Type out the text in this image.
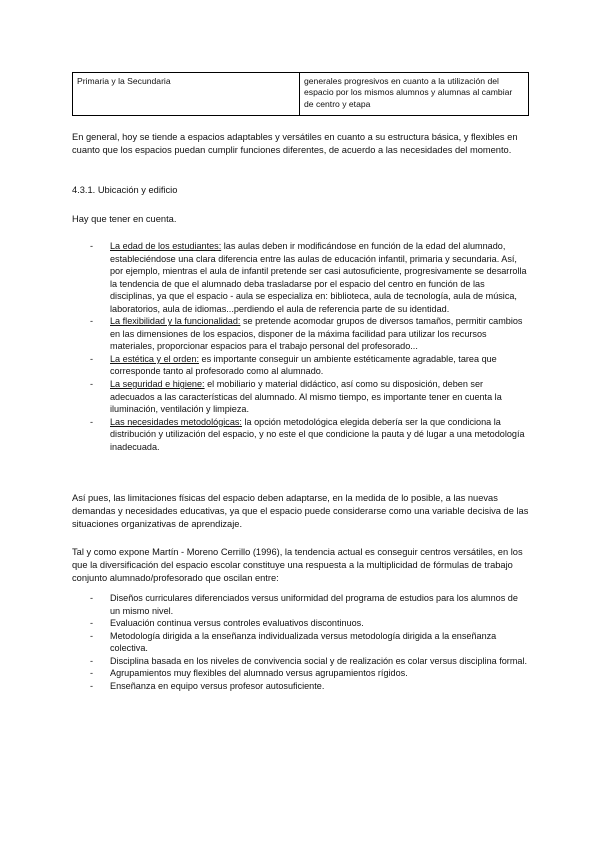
Primaria y la Secundaria	generales progresivos en cuanto a la utilización del espacio por los mismos alumnos y alumnas al cambiar de centro y etapa

En general, hoy se tiende a espacios adaptables y versátiles en cuanto a su estructura básica, y flexibles en cuanto que los espacios puedan cumplir funciones diferentes, de acuerdo a las necesidades del momento.

4.3.1. Ubicación y edificio

Hay que tener en cuenta.

- La edad de los estudiantes: las aulas deben ir modificándose en función de la edad del alumnado, estableciéndose una clara diferencia entre las aulas de educación infantil, primaria y secundaria. Así, por ejemplo, mientras el aula de infantil pretende ser casi autosuficiente, progresivamente se desarrolla la tendencia de que el alumnado deba trasladarse por el espacio del centro en función de las disciplinas, ya que el espacio - aula se especializa en: biblioteca, aula de tecnología, aula de música, laboratorios, aula de idiomas...perdiendo el aula de referencia parte de su identidad.
- La flexibilidad y la funcionalidad: se pretende acomodar grupos de diversos tamaños, permitir cambios en las dimensiones de los espacios, disponer de la máxima facilidad para utilizar los recursos materiales, proporcionar espacios para el trabajo personal del profesorado...
- La estética y el orden: es importante conseguir un ambiente estéticamente agradable, tarea que corresponde tanto al profesorado como al alumnado.
- La seguridad e higiene: el mobiliario y material didáctico, así como su disposición, deben ser adecuados a las características del alumnado. Al mismo tiempo, es importante tener en cuenta la iluminación, ventilación y limpieza.
- Las necesidades metodológicas: la opción metodológica elegida debería ser la que condiciona la distribución y utilización del espacio, y no este el que condicione la pauta y dé lugar a una metodología inadecuada.

Así pues, las limitaciones físicas del espacio deben adaptarse, en la medida de lo posible, a las nuevas demandas y necesidades educativas, ya que el espacio puede considerarse como una variable decisiva de las situaciones organizativas de aprendizaje.

Tal y como expone Martín - Moreno Cerrillo (1996), la tendencia actual es conseguir centros versátiles, en los que la diversificación del espacio escolar constituye una respuesta a la multiplicidad de fórmulas de trabajo conjunto alumnado/profesorado que oscilan entre:

- Diseños curriculares diferenciados versus uniformidad del programa de estudios para los alumnos de un mismo nivel.
- Evaluación continua versus controles evaluativos discontinuos.
- Metodología dirigida a la enseñanza individualizada versus metodología dirigida a la enseñanza colectiva.
- Disciplina basada en los niveles de convivencia social y de realización es colar versus disciplina formal.
- Agrupamientos muy flexibles del alumnado versus agrupamientos rígidos.
- Enseñanza en equipo versus profesor autosuficiente.
